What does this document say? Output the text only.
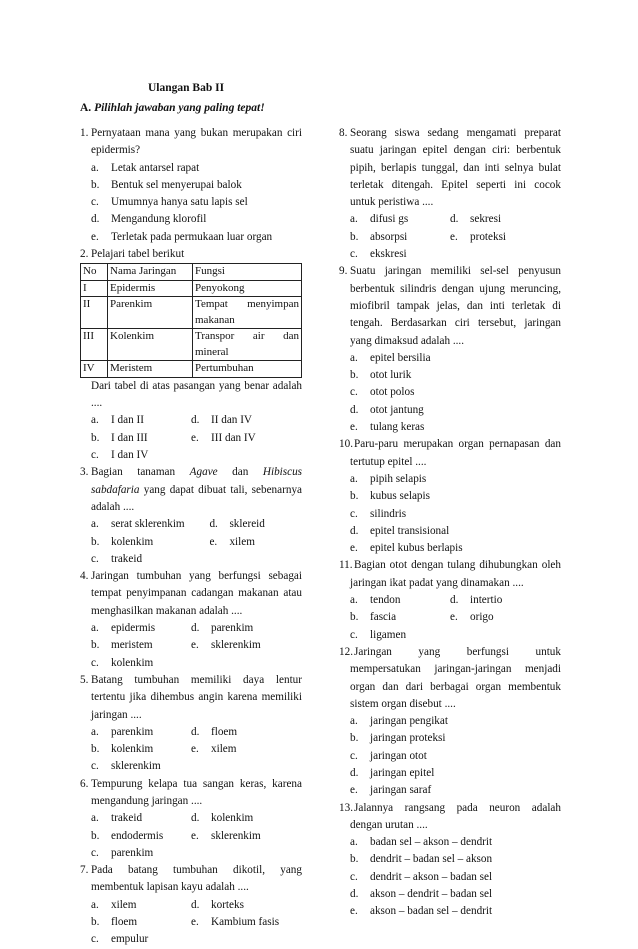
Ulangan Bab II
A. Pilihlah jawaban yang paling tepat!
1. Pernyataan mana yang bukan merupakan ciri epidermis?
a.	Letak antarsel rapat
b.	Bentuk sel menyerupai balok
c.	Umumnya hanya satu lapis sel
d.	Mengandung klorofil
e.	Terletak pada permukaan luar organ
2. Pelajari tabel berikut
No	Nama Jaringan	Fungsi
I	Epidermis	Penyokong
II	Parenkim	Tempat menyimpan makanan
III	Kolenkim	Transpor air dan mineral
IV	Meristem	Pertumbuhan
Dari tabel di atas pasangan yang benar adalah ....
a.	I dan II	d.	II dan IV
b.	I dan III	e.	III dan IV
c.	I dan IV
3. Bagian tanaman Agave dan Hibiscus sabdafaria yang dapat dibuat tali, sebenarnya adalah ....
a.	serat sklerenkim d.	sklereid
b.	kolenkim	e.	xilem
c.	trakeid
4. Jaringan tumbuhan yang berfungsi sebagai tempat penyimpanan cadangan makanan atau menghasilkan makanan adalah ....
a.	epidermis	d.	parenkim
b.	meristem	e.	sklerenkim
c.	kolenkim
5. Batang tumbuhan memiliki daya lentur tertentu jika dihembus angin karena memiliki jaringan ....
a.	parenkim	d.	floem
b.	kolenkim	e.	xilem
c.	sklerenkim
6. Tempurung kelapa tua sangan keras, karena mengandung jaringan ....
a.	trakeid	d.	kolenkim
b.	endodermis e.	sklerenkim
c.	parenkim
7. Pada batang tumbuhan dikotil, yang membentuk lapisan kayu adalah ....
a.	xilem	d.	korteks
b.	floem	e.	Kambium fasis
c.	empulur
8. Seorang siswa sedang mengamati preparat suatu jaringan epitel dengan ciri: berbentuk pipih, berlapis tunggal, dan inti selnya bulat terletak ditengah. Epitel seperti ini cocok untuk peristiwa ....
a.	difusi gs	d.	sekresi
b.	absorpsi	e.	proteksi
c.	ekskresi
9. Suatu jaringan memiliki sel-sel penyusun berbentuk silindris dengan ujung meruncing, miofibril tampak jelas, dan inti terletak di tengah. Berdasarkan ciri tersebut, jaringan yang dimaksud adalah ....
a.	epitel bersilia
b.	otot lurik
c.	otot polos
d.	otot jantung
e.	tulang keras
10. Paru-paru merupakan organ pernapasan dan tertutup epitel ....
a.	pipih selapis
b.	kubus selapis
c.	silindris
d.	epitel transisional
e.	epitel kubus berlapis
11. Bagian otot dengan tulang dihubungkan oleh jaringan ikat padat yang dinamakan ....
a.	tendon	d.	intertio
b.	fascia	e.	origo
c.	ligamen
12. Jaringan yang berfungsi untuk mempersatukan jaringan-jaringan menjadi organ dan dari berbagai organ membentuk sistem organ disebut ....
a.	jaringan pengikat
b.	jaringan proteksi
c.	jaringan otot
d.	jaringan epitel
e.	jaringan saraf
13. Jalannya rangsang pada neuron adalah dengan urutan ....
a.	badan sel – akson – dendrit
b.	dendrit – badan sel – akson
c.	dendrit – akson – badan sel
d.	akson – dendrit – badan sel
e.	akson – badan sel – dendrit
